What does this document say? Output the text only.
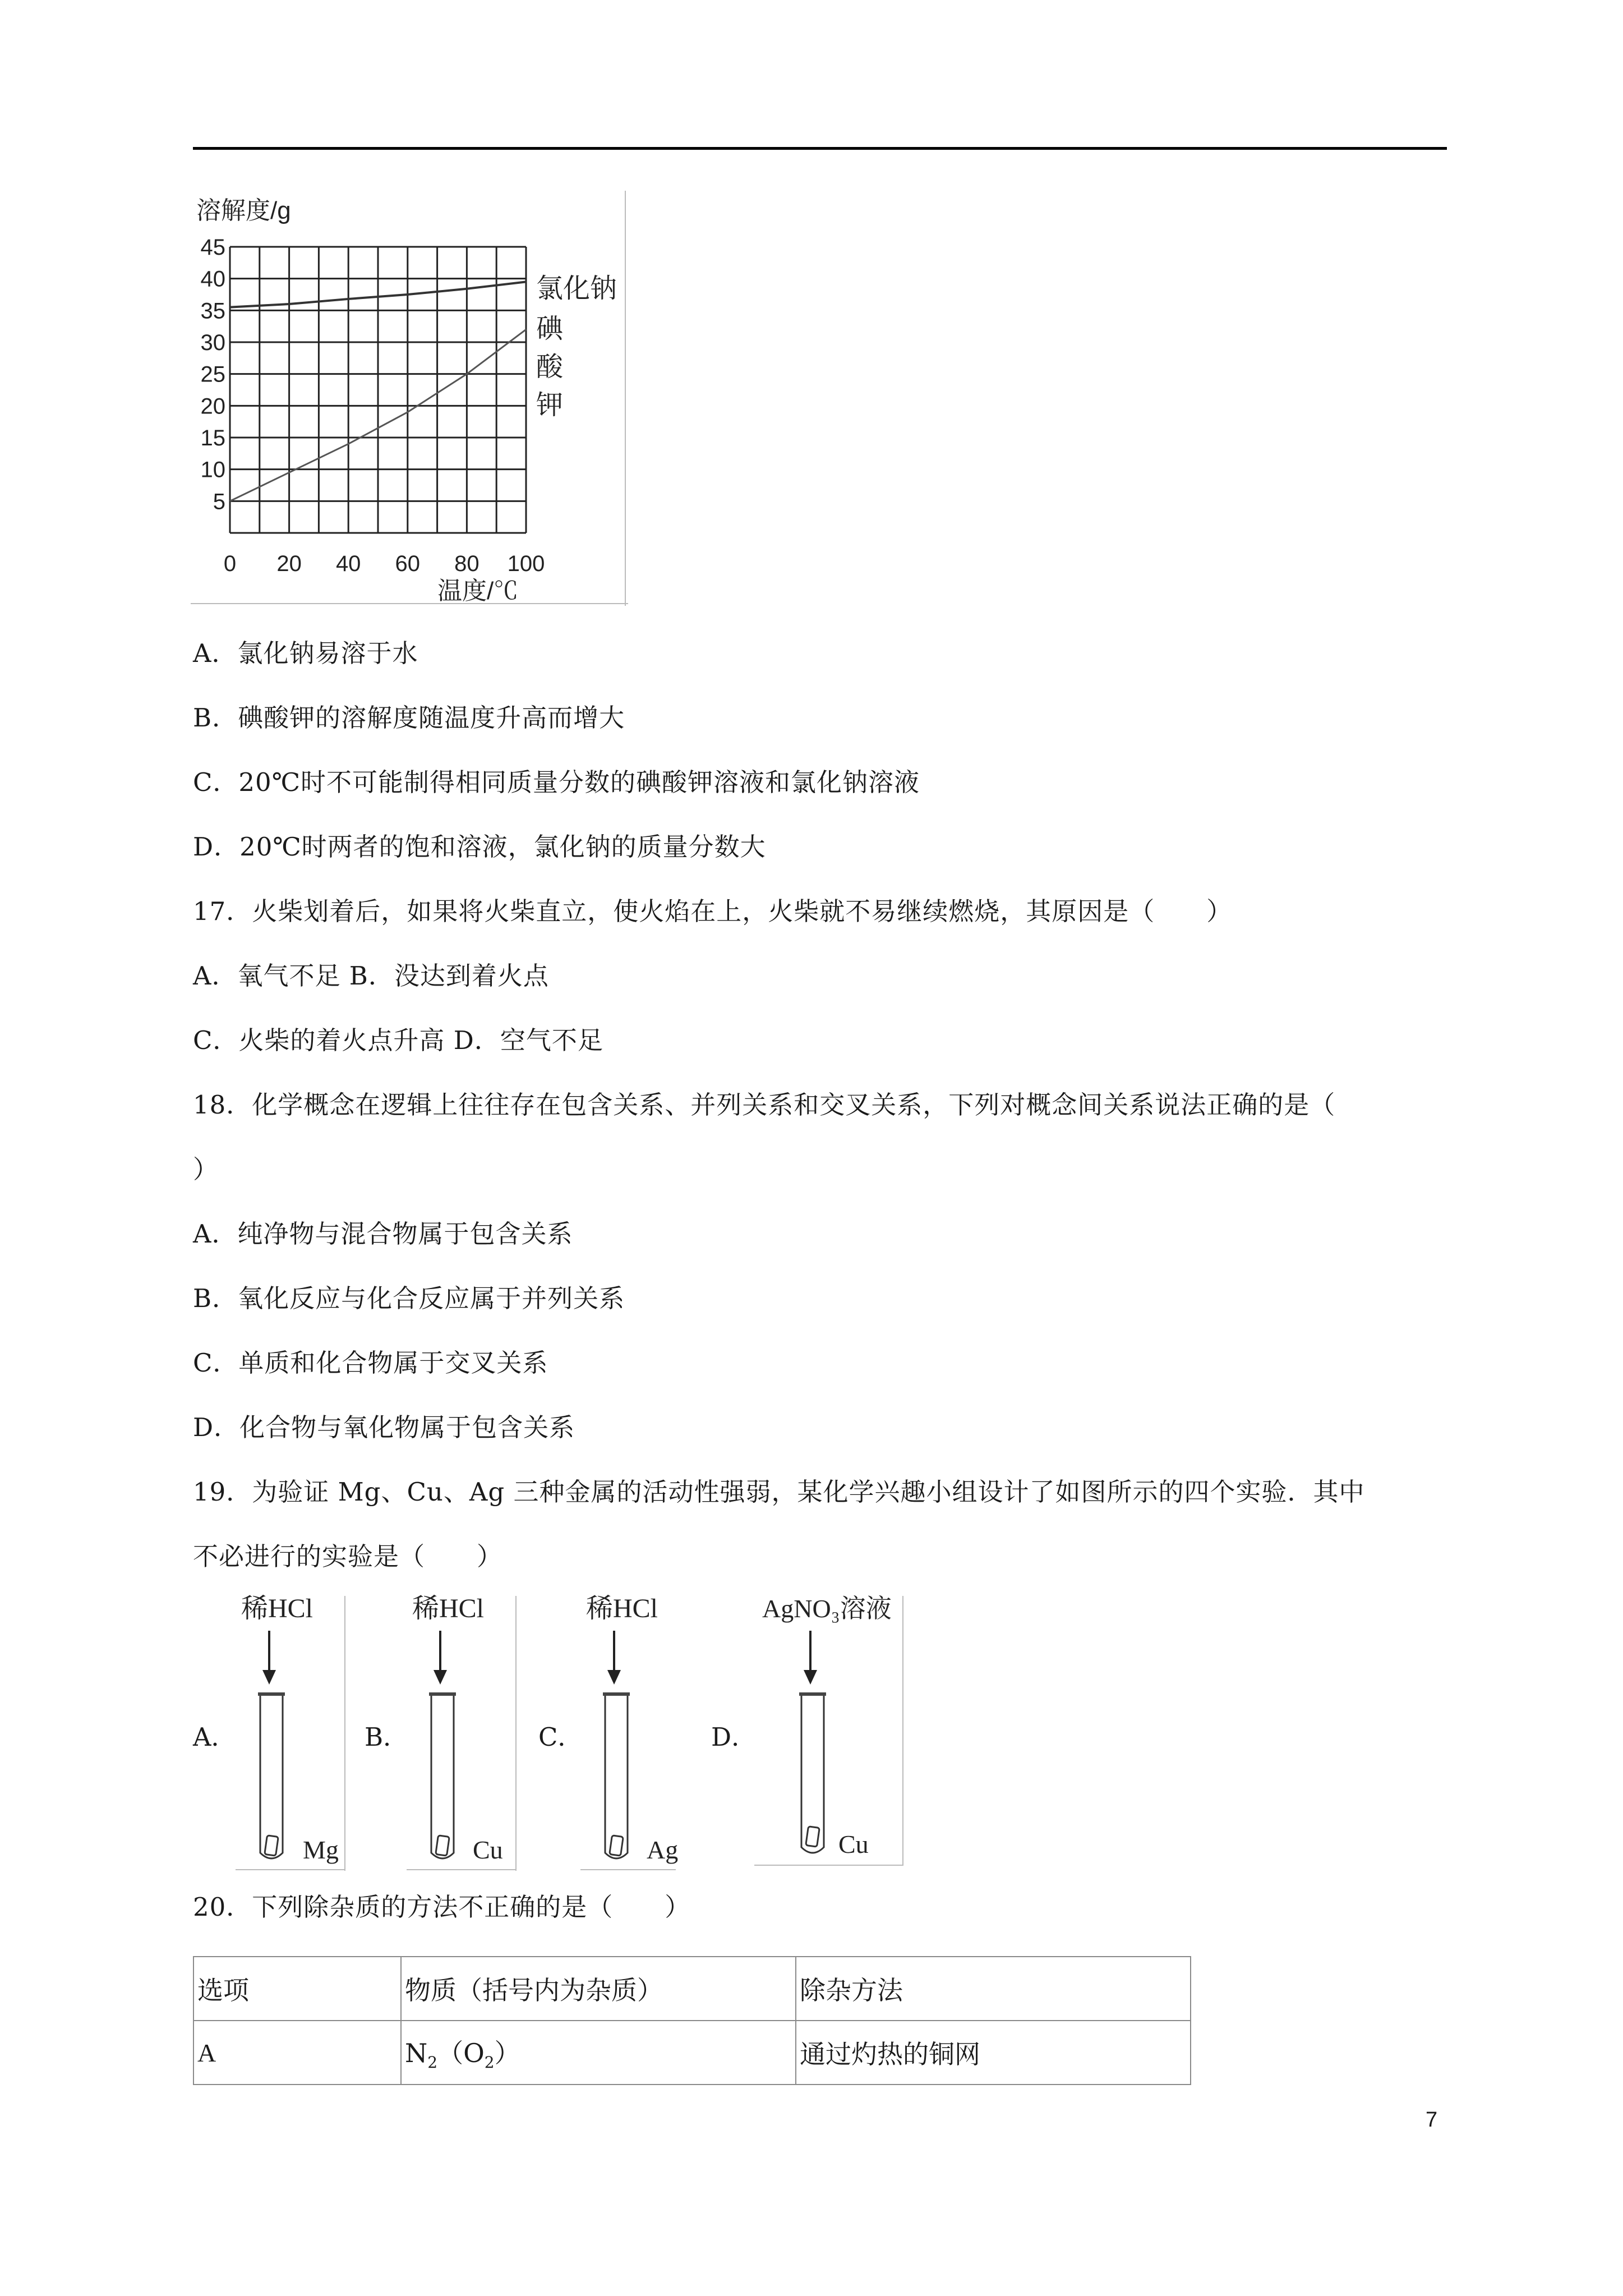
溶解度/g
5
10
15
20
25
30
35
40
45
0 20 40 60 80 100
温度/℃
氯化钠
碘
酸
钾
A．氯化钠易溶于水
B．碘酸钾的溶解度随温度升高而增大
C．20℃时不可能制得相同质量分数的碘酸钾溶液和氯化钠溶液
D．20℃时两者的饱和溶液，氯化钠的质量分数大
17．火柴划着后，如果将火柴直立，使火焰在上，火柴就不易继续燃烧，其原因是（　　）
A．氧气不足 B．没达到着火点
C．火柴的着火点升高 D．空气不足
18．化学概念在逻辑上往往存在包含关系、并列关系和交叉关系，下列对概念间关系说法正确的是（
）
A．纯净物与混合物属于包含关系
B．氧化反应与化合反应属于并列关系
C．单质和化合物属于交叉关系
D．化合物与氧化物属于包含关系
19．为验证 Mg、Cu、Ag 三种金属的活动性强弱，某化学兴趣小组设计了如图所示的四个实验．其中
不必进行的实验是（　　）
A．	B．	C．	D．
稀HCl
Mg
稀HCl
Cu
稀HCl
Ag
AgNO₃溶液
Cu
20．下列除杂质的方法不正确的是（　　）
选项	物质（括号内为杂质）	除杂方法
A	$N_2(O_2)$	通过灼热的铜网
7
